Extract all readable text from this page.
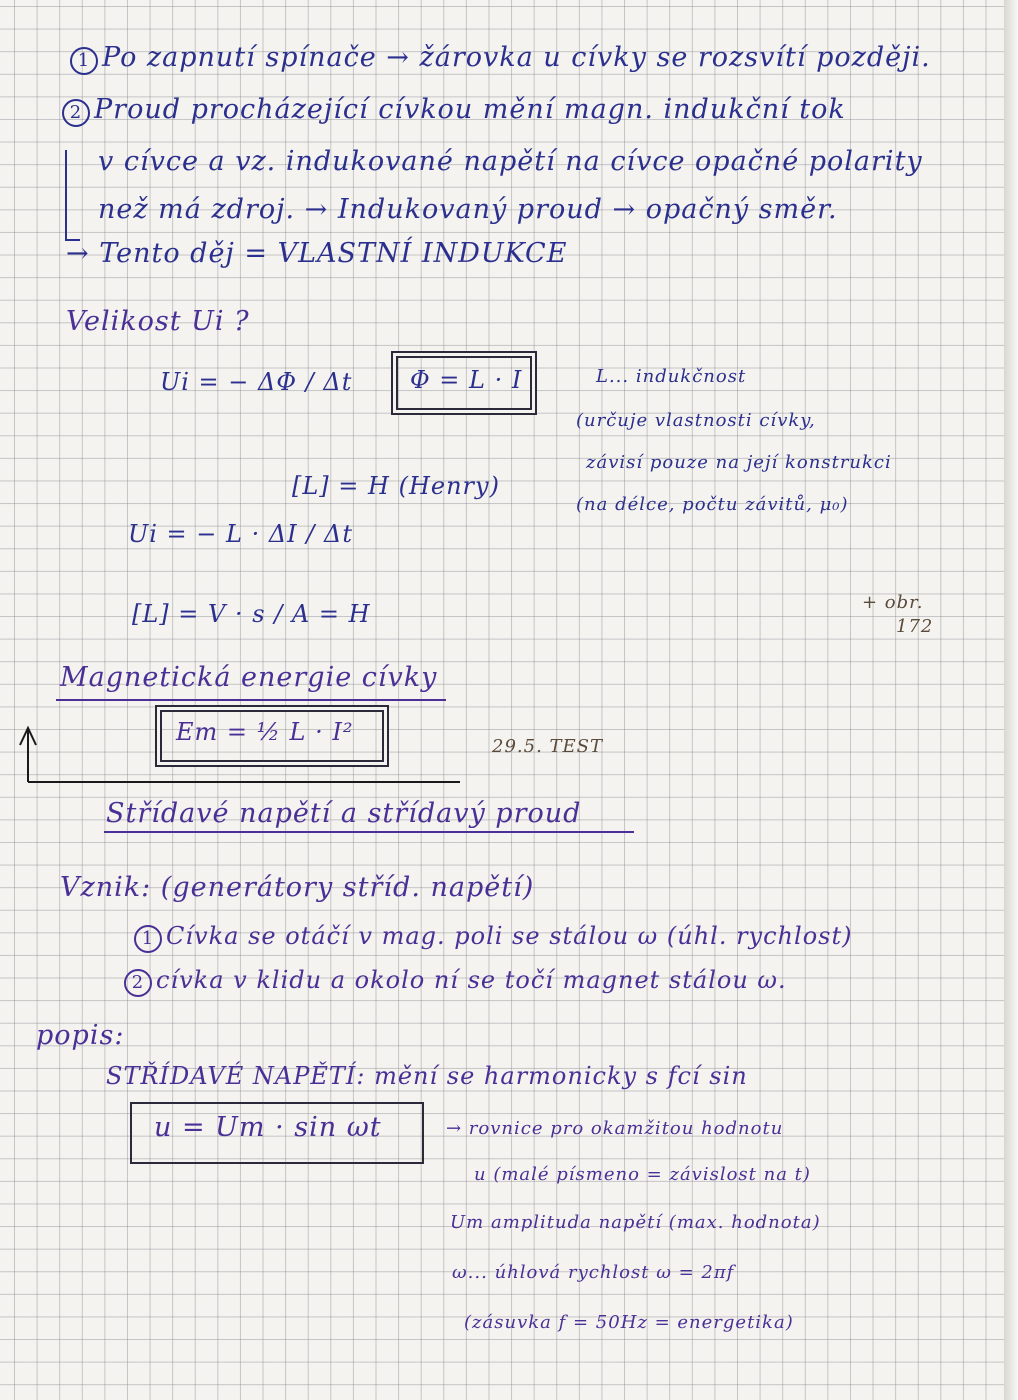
1 Po zapnutí spínače → žárovka u cívky se rozsvítí později.
2 Proud procházející cívkou mění magn. indukční tok
v cívce a vz. indukované napětí na cívce opačné polarity
než má zdroj. → Indukovaný proud → opačný směr.
→ Tento děj = VLASTNÍ INDUKCE
Velikost Ui ?
Ui = − ΔΦ / Δt Φ = L · I	L... indukčnost
(určuje vlastnosti cívky,
závisí pouze na její konstrukci
(na délce, počtu závitů, μ₀)
[L] = H (Henry)
Ui = − L · ΔI / Δt
[L] = V · s / A = H	+ obr.
172
Magnetická energie cívky
Em = ½ L · I²
29.5. TEST
Střídavé napětí a střídavý proud
Vznik: (generátory stříd. napětí)
1 Cívka se otáčí v mag. poli se stálou ω (úhl. rychlost)
2 cívka v klidu a okolo ní se točí magnet stálou ω.
popis:
STŘÍDAVÉ NAPĚTÍ: mění se harmonicky s fcí sin
u = Um · sin ωt	→ rovnice pro okamžitou hodnotu
u (malé písmeno = závislost na t)
Um amplituda napětí (max. hodnota)
ω... úhlová rychlost ω = 2πf
(zásuvka f = 50Hz = energetika)
